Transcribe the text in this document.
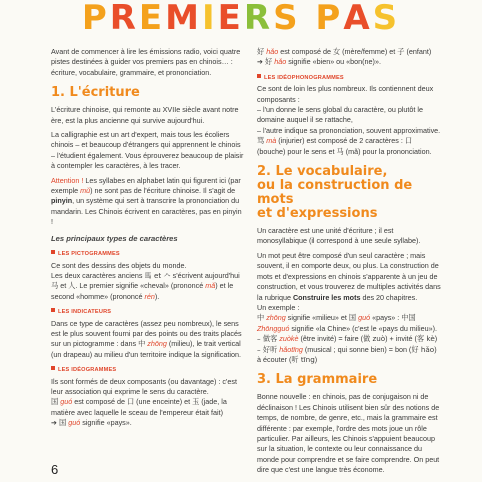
PREMIERS PAS

Avant de commencer à lire les émissions radio, voici quatre pistes destinées à guider vos premiers pas en chinois… : écriture, vocabulaire, grammaire, et prononciation.

1. L'écriture

L'écriture chinoise, qui remonte au XVIIe siècle avant notre ère, est la plus ancienne qui survive aujourd'hui.

La calligraphie est un art d'expert, mais tous les écoliers chinois – et beaucoup d'étrangers qui apprennent le chinois – l'étudient également. Vous éprouverez beaucoup de plaisir à contempler les caractères, à les tracer.

Attention ! Les syllabes en alphabet latin qui figurent ici (par exemple mǔ) ne sont pas de l'écriture chinoise. Il s'agit de pinyin, un système qui sert à transcrire la prononciation du mandarin. Les Chinois écrivent en caractères, pas en pinyin !

Les principaux types de caractères
LES PICTOGRAMMES

Ce sont des dessins des objets du monde.
Les deux caractères anciens 𩡧 et 𠆢 s'écrivent aujourd'hui 马 et 人. Le premier signifie «cheval» (prononcé mǎ) et le second «homme» (prononcé rén).

LES INDICATEURS

Dans ce type de caractères (assez peu nombreux), le sens est le plus souvent fourni par des points ou des traits placés sur un pictogramme : dans 中 zhōng (milieu), le trait vertical (un drapeau) au milieu d'un territoire indique la signification.

LES IDÉOGRAMMES

Ils sont formés de deux composants (ou davantage) : c'est leur association qui exprime le sens du caractère.
国 guó est composé de 口 (une enceinte) et 玉 (jade, la matière avec laquelle le sceau de l'empereur était fait)
➔ 国 guó signifie «pays».

好 hǎo est composé de 女 (mère/femme) et 子 (enfant)
➔ 好 hǎo signifie «bien» ou «bon(ne)».

LES IDÉOPHONOGRAMMES

Ce sont de loin les plus nombreux. Ils contiennent deux composants :
– l'un donne le sens global du caractère, ou plutôt le domaine auquel il se rattache,
– l'autre indique sa prononciation, souvent approximative.
骂 mà (injurier) est composé de 2 caractères : 口 (bouche) pour le sens et 马 (mǎ) pour la prononciation.

2. Le vocabulaire,
ou la construction de mots
et d'expressions

Un caractère est une unité d'écriture ; il est monosyllabique (il correspond à une seule syllabe).

Un mot peut être composé d'un seul caractère ; mais souvent, il en comporte deux, ou plus. La construction de mots et d'expressions en chinois s'apparente à un jeu de construction, et vous trouverez de multiples activités dans la rubrique Construire les mots des 20 chapitres.
Un exemple :
中 zhōng signifie «milieu» et 国 guó «pays» : 中国
Zhōngguó signifie «la Chine» (c'est le «pays du milieu»).
– 做客 zuòkè (être invité) = faire (做 zuò) + invité (客 kè)
– 好听 hǎotīng (musical ; qui sonne bien) = bon (好 hǎo) à écouter (听 tīng)

3. La grammaire

Bonne nouvelle : en chinois, pas de conjugaison ni de déclinaison ! Les Chinois utilisent bien sûr des notions de temps, de nombre, de genre, etc., mais la grammaire est différente : par exemple, l'ordre des mots joue un rôle particulier. Par ailleurs, les Chinois s'appuient beaucoup sur la situation, le contexte ou leur connaissance du monde pour comprendre et se faire comprendre. On peut dire que c'est une langue très économe.

6
